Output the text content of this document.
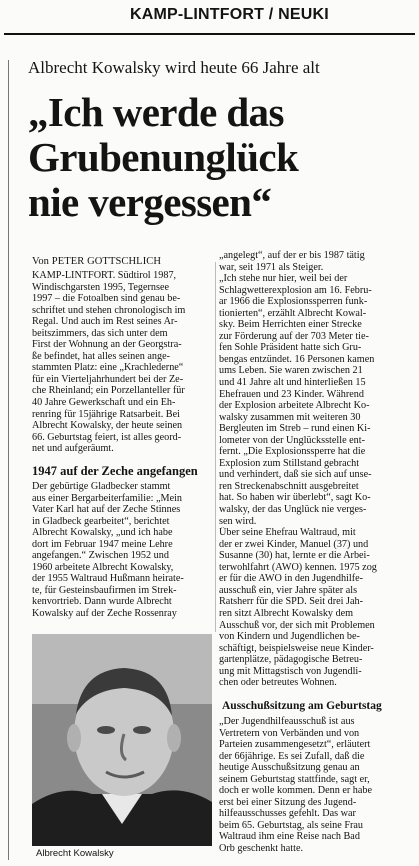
KAMP-LINTFORT / NEUKI
Albrecht Kowalsky wird heute 66 Jahre alt
„Ich werde das
Grubenunglück
nie vergessen“
Von PETER GOTTSCHLICH
KAMP-LINTFORT. Südtirol 1987,
Windischgarsten 1995, Tegernsee
1997 – die Fotoalben sind genau be-
schriftet und stehen chronologisch im
Regal. Und auch im Rest seines Ar-
beitszimmers, das sich unter dem
First der Wohnung an der Georgstra-
ße befindet, hat alles seinen ange-
stammten Platz: eine „Krachlederne“
für ein Vierteljahrhundert bei der Ze-
che Rheinland; ein Porzellanteller für
40 Jahre Gewerkschaft und ein Eh-
renring für 15jährige Ratsarbeit. Bei
Albrecht Kowalsky, der heute seinen
66. Geburtstag feiert, ist alles geord-
net und aufgeräumt.
1947 auf der Zeche angefangen
Der gebürtige Gladbecker stammt
aus einer Bergarbeiterfamilie: „Mein
Vater Karl hat auf der Zeche Stinnes
in Gladbeck gearbeitet“, berichtet
Albrecht Kowalsky, „und ich habe
dort im Februar 1947 meine Lehre
angefangen.“ Zwischen 1952 und
1960 arbeitete Albrecht Kowalsky,
der 1955 Waltraud Hußmann heirate-
te, für Gesteinsbaufirmen im Strek-
kenvortrieb. Dann wurde Albrecht
Kowalsky auf der Zeche Rossenray
„angelegt“, auf der er bis 1987 tätig
war, seit 1971 als Steiger.
„Ich stehe nur hier, weil bei der
Schlagwetterexplosion am 16. Febru-
ar 1966 die Explosionssperren funk-
tionierten“, erzählt Albrecht Kowal-
sky. Beim Herrichten einer Strecke
zur Förderung auf der 703 Meter tie-
fen Sohle Präsident hatte sich Gru-
bengas entzündet. 16 Personen kamen
ums Leben. Sie waren zwischen 21
und 41 Jahre alt und hinterließen 15
Ehefrauen und 23 Kinder. Während
der Explosion arbeitete Albrecht Ko-
walsky zusammen mit weiteren 30
Bergleuten im Streb – rund einen Ki-
lometer von der Unglücksstelle ent-
fernt. „Die Explosionssperre hat die
Explosion zum Stillstand gebracht
und verhindert, daß sie sich auf unse-
ren Streckenabschnitt ausgebreitet
hat. So haben wir überlebt“, sagt Ko-
walsky, der das Unglück nie verges-
sen wird.
Über seine Ehefrau Waltraud, mit
der er zwei Kinder, Manuel (37) und
Susanne (30) hat, lernte er die Arbei-
terwohlfahrt (AWO) kennen. 1975 zog
er für die AWO in den Jugendhilfe-
ausschuß ein, vier Jahre später als
Ratsherr für die SPD. Seit drei Jah-
ren sitzt Albrecht Kowalsky dem
Ausschuß vor, der sich mit Problemen
von Kindern und Jugendlichen be-
schäftigt, beispielsweise neue Kinder-
gartenplätze, pädagogische Betreu-
ung mit Mittagstisch von Jugendli-
chen oder betreutes Wohnen.
Ausschußsitzung am Geburtstag
„Der Jugendhilfeausschuß ist aus
Vertretern von Verbänden und von
Parteien zusammengesetzt“, erläutert
der 66jährige. Es sei Zufall, daß die
heutige Ausschußsitzung genau an
seinem Geburtstag stattfinde, sagt er,
doch er wolle kommen. Denn er habe
erst bei einer Sitzung des Jugend-
hilfeausschusses gefehlt. Das war
beim 65. Geburtstag, als seine Frau
Waltraud ihm eine Reise nach Bad
Orb geschenkt hatte.
Albrecht Kowalsky
